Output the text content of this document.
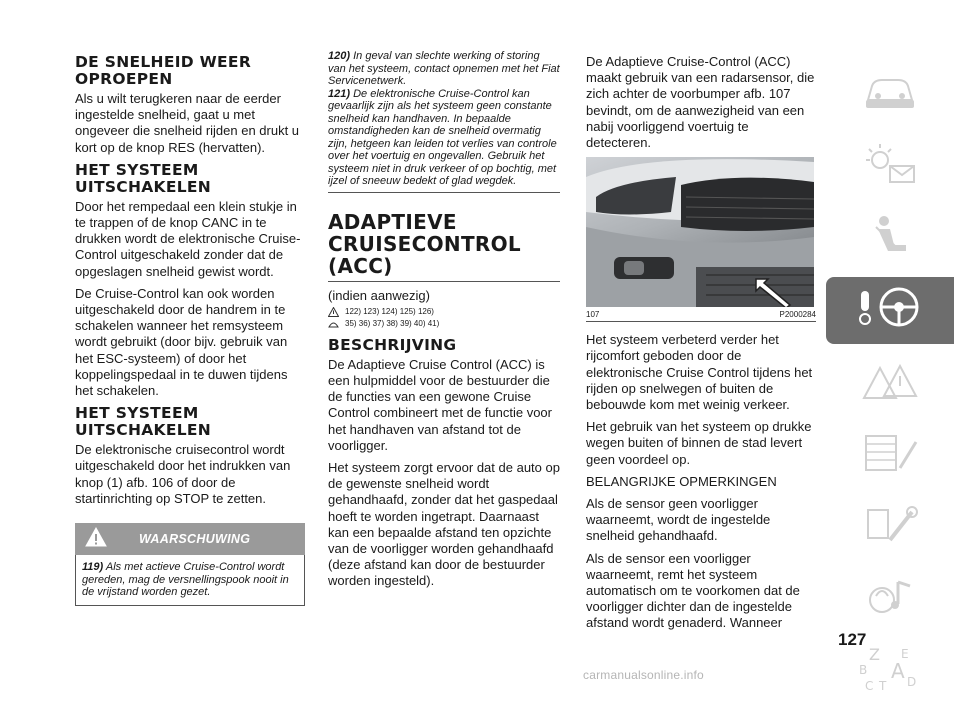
DE SNELHEID WEER OPROEPEN
Als u wilt terugkeren naar de eerder ingestelde snelheid, gaat u met ongeveer die snelheid rijden en drukt u kort op de knop RES (hervatten).
HET SYSTEEM UITSCHAKELEN
Door het rempedaal een klein stukje in te trappen of de knop CANC in te drukken wordt de elektronische Cruise-Control uitgeschakeld zonder dat de opgeslagen snelheid gewist wordt.
De Cruise-Control kan ook worden uitgeschakeld door de handrem in te schakelen wanneer het remsysteem wordt gebruikt (door bijv. gebruik van het ESC-systeem) of door het koppelingspedaal in te duwen tijdens het schakelen.
HET SYSTEEM UITSCHAKELEN
De elektronische cruisecontrol wordt uitgeschakeld door het indrukken van knop (1) afb. 106 of door de startinrichting op STOP te zetten.
WAARSCHUWING
119) Als met actieve Cruise-Control wordt gereden, mag de versnellingspook nooit in de vrijstand worden gezet.
120) In geval van slechte werking of storing van het systeem, contact opnemen met het Fiat Servicenetwerk.
121) De elektronische Cruise-Control kan gevaarlijk zijn als het systeem geen constante snelheid kan handhaven. In bepaalde omstandigheden kan de snelheid overmatig zijn, hetgeen kan leiden tot verlies van controle over het voertuig en ongevallen. Gebruik het systeem niet in druk verkeer of op bochtig, met ijzel of sneeuw bedekt of glad wegdek.
ADAPTIEVE CRUISECONTROL (ACC)
(indien aanwezig)
122) 123) 124) 125) 126)
35) 36) 37) 38) 39) 40) 41)
BESCHRIJVING
De Adaptieve Cruise Control (ACC) is een hulpmiddel voor de bestuurder die de functies van een gewone Cruise Control combineert met de functie voor het handhaven van afstand tot de voorligger.
Het systeem zorgt ervoor dat de auto op de gewenste snelheid wordt gehandhaafd, zonder dat het gaspedaal hoeft te worden ingetrapt. Daarnaast kan een bepaalde afstand ten opzichte van de voorligger worden gehandhaafd (deze afstand kan door de bestuurder worden ingesteld).
De Adaptieve Cruise-Control (ACC) maakt gebruik van een radarsensor, die zich achter de voorbumper afb. 107 bevindt, om de aanwezigheid van een nabij voorliggend voertuig te detecteren.
107	P2000284
Het systeem verbeterd verder het rijcomfort geboden door de elektronische Cruise Control tijdens het rijden op snelwegen of buiten de bebouwde kom met weinig verkeer.
Het gebruik van het systeem op drukke wegen buiten of binnen de stad levert geen voordeel op.
BELANGRIJKE OPMERKINGEN
Als de sensor geen voorligger waarneemt, wordt de ingestelde snelheid gehandhaafd.
Als de sensor een voorligger waarneemt, remt het systeem automatisch om te voorkomen dat de voorligger dichter dan de ingestelde afstand wordt genaderd. Wanneer
Z E
B A
C T D
127
carmanualsonline.info
